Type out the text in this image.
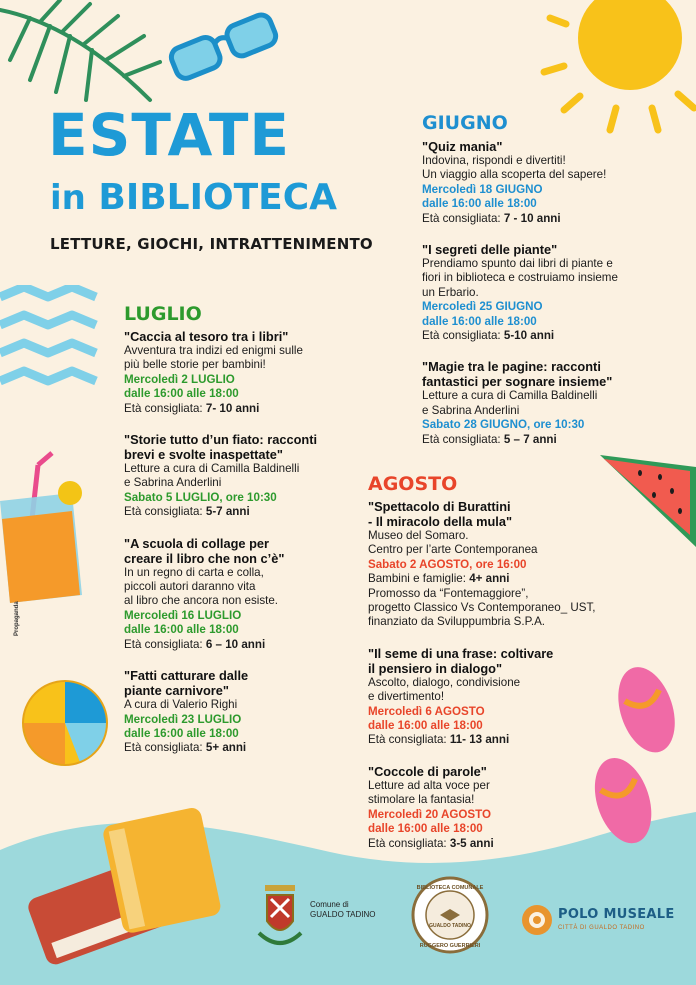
ESTATE
in BIBLIOTECA
LETTURE, GIOCHI, INTRATTENIMENTO
Propaganda
GIUGNO
"Quiz mania"
Indovina, rispondi e divertiti!
Un viaggio alla scoperta del sapere!
Mercoledì 18 GIUGNO
dalle 16:00 alle 18:00
Età consigliata: 7 - 10 anni
"I segreti delle piante"
Prendiamo spunto dai libri di piante e
fiori in biblioteca e costruiamo insieme
un Erbario.
Mercoledì 25 GIUGNO
dalle 16:00 alle 18:00
Età consigliata: 5-10 anni
"Magie tra le pagine: racconti
fantastici per sognare insieme"
Letture a cura di Camilla Baldinelli
e Sabrina Anderlini
Sabato 28 GIUGNO, ore 10:30
Età consigliata: 5 – 7 anni
LUGLIO
"Caccia al tesoro tra i libri"
Avventura tra indizi ed enigmi sulle
più belle storie per bambini!
Mercoledì 2 LUGLIO
dalle 16:00 alle 18:00
Età consigliata: 7- 10 anni
"Storie tutto d’un fiato: racconti
brevi e svolte inaspettate"
Letture a cura di Camilla Baldinelli
e Sabrina Anderlini
Sabato 5 LUGLIO, ore 10:30
Età consigliata: 5-7 anni
"A scuola di collage per
creare il libro che non c’è"
In un regno di carta e colla,
piccoli autori daranno vita
al libro che ancora non esiste.
Mercoledì 16 LUGLIO
dalle 16:00 alle 18:00
Età consigliata: 6 – 10 anni
"Fatti catturare dalle
piante carnivore"
A cura di Valerio Righi
Mercoledì 23 LUGLIO
dalle 16:00 alle 18:00
Età consigliata: 5+ anni
AGOSTO
"Spettacolo di Burattini
- Il miracolo della mula"
Museo del Somaro.
Centro per l’arte Contemporanea
Sabato 2 AGOSTO, ore 16:00
Bambini e famiglie: 4+ anni
Promosso da “Fontemaggiore”,
progetto Classico Vs Contemporaneo_ UST,
finanziato da Sviluppumbria S.P.A.
"Il seme di una frase: coltivare
il pensiero in dialogo"
Ascolto, dialogo, condivisione
e divertimento!
Mercoledì 6 AGOSTO
dalle 16:00 alle 18:00
Età consigliata: 11- 13 anni
"Coccole di parole"
Letture ad alta voce per
stimolare la fantasia!
Mercoledì 20 AGOSTO
dalle 16:00 alle 18:00
Età consigliata: 3-5 anni
Comune di
GUALDO TADINO
BIBLIOTECA COMUNALE
GUALDO TADINO
RUGGERO GUERRIERI
POLO MUSEALE
CITTÀ DI GUALDO TADINO
